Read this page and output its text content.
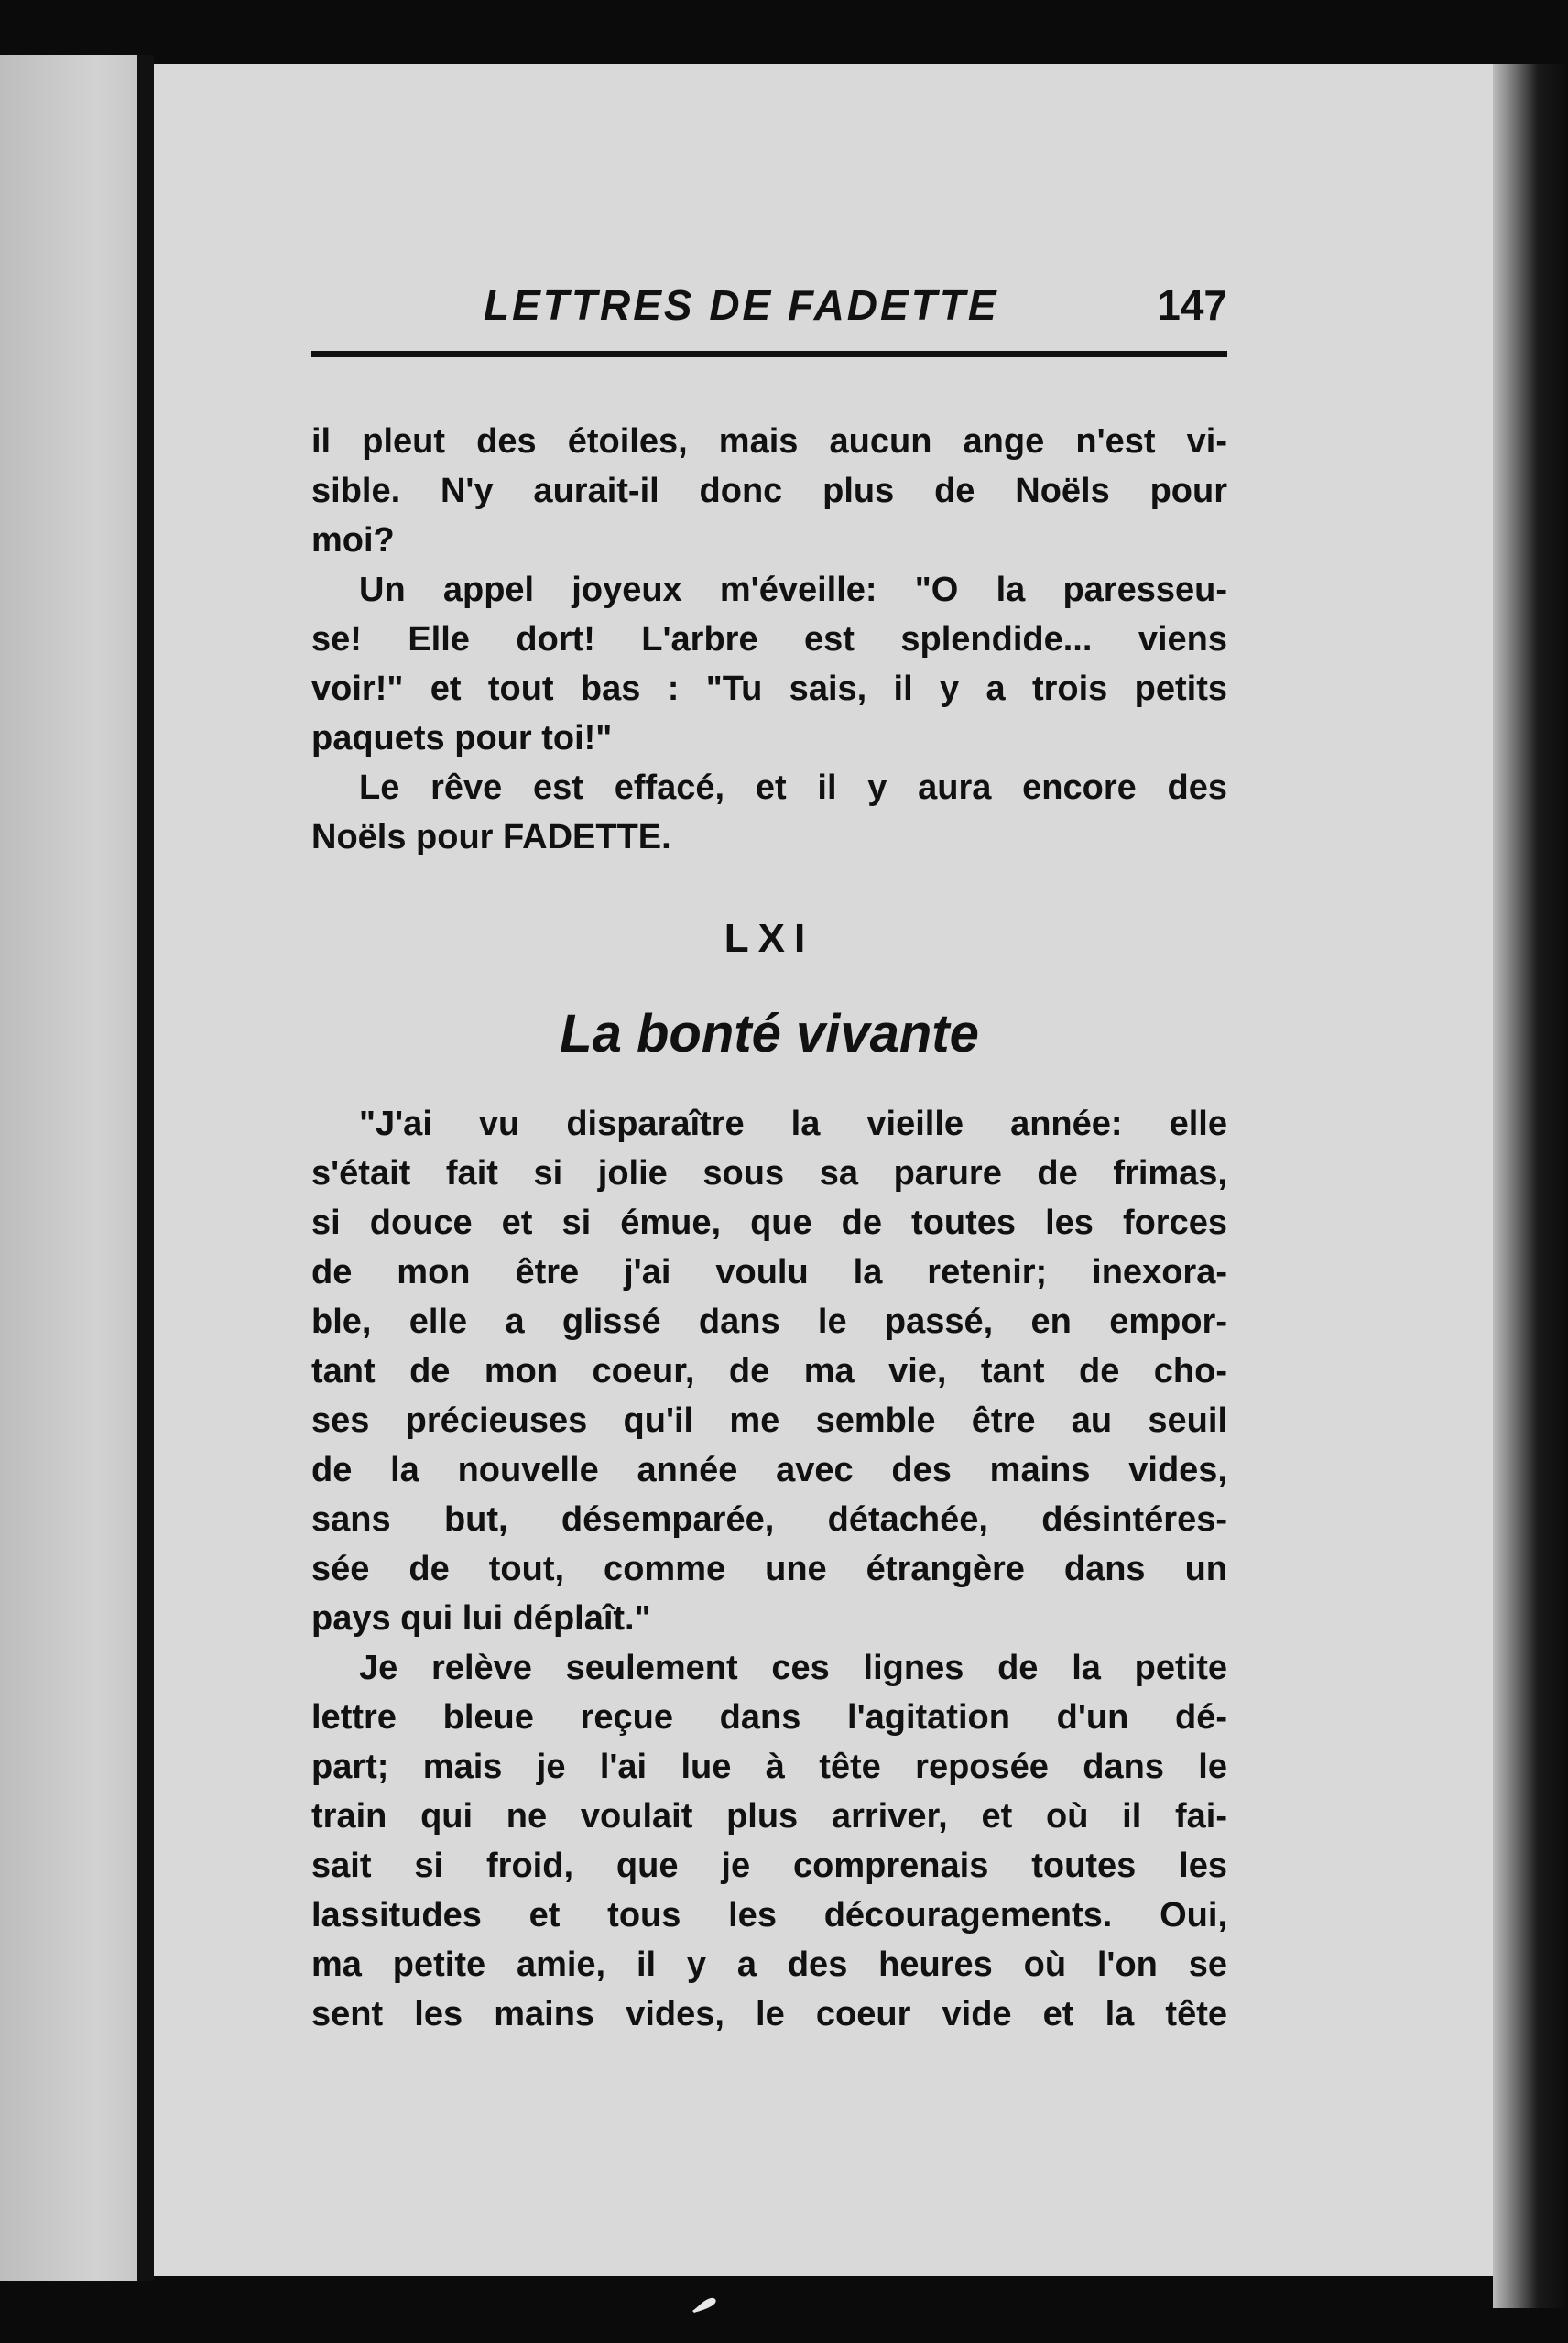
LETTRES DE FADETTE	147
il pleut des étoiles, mais aucun ange n'est vi-
sible. N'y aurait-il donc plus de Noëls pour
moi?
Un appel joyeux m'éveille: "O la paresseu-
se! Elle dort! L'arbre est splendide... viens
voir!" et tout bas : "Tu sais, il y a trois petits
paquets pour toi!"
Le rêve est effacé, et il y aura encore des
Noëls pour FADETTE.
LXI
La bonté vivante
"J'ai vu disparaître la vieille année: elle
s'était fait si jolie sous sa parure de frimas,
si douce et si émue, que de toutes les forces
de mon être j'ai voulu la retenir; inexora-
ble, elle a glissé dans le passé, en empor-
tant de mon coeur, de ma vie, tant de cho-
ses précieuses qu'il me semble être au seuil
de la nouvelle année avec des mains vides,
sans but, désemparée, détachée, désintéres-
sée de tout, comme une étrangère dans un
pays qui lui déplaît."
Je relève seulement ces lignes de la petite
lettre bleue reçue dans l'agitation d'un dé-
part; mais je l'ai lue à tête reposée dans le
train qui ne voulait plus arriver, et où il fai-
sait si froid, que je comprenais toutes les
lassitudes et tous les découragements. Oui,
ma petite amie, il y a des heures où l'on se
sent les mains vides, le coeur vide et la tête
